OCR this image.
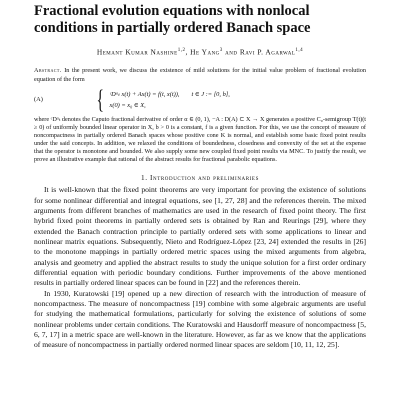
Fractional evolution equations with nonlocal conditions in partially ordered Banach space
Hemant Kumar Nashine$^{1,2}$, He Yang$^3$ and Ravi P. Agarwal$^{1,4}$
Abstract. In the present work, we discuss the existence of mild solutions for the initial value problem of fractional evolution equation of the form
(A)	{ ᶜDᵅₜ x(t) + Ax(t) = f(t, x(t)), t ∈ J := [0, b],
x(0) = x₀ ∈ X,
where ᶜDᵅₜ denotes the Caputo fractional derivative of order α ∈ (0, 1), −A : D(A) ⊂ X → X generates a positive C₀-semigroup T(t)(t ≥ 0) of uniformly bounded linear operator in X, b > 0 is a constant, f is a given function. For this, we use the concept of measure of noncompactness in partially ordered Banach spaces whose positive cone K is normal, and establish some basic fixed point results under the said concepts. In addition, we relaxed the conditions of boundedness, closedness and convexity of the set at the expense that the operator is monotone and bounded. We also supply some new coupled fixed point results via MNC. To justify the result, we prove an illustrative example that rational of the abstract results for fractional parabolic equations.
1. Introduction and preliminaries

It is well-known that the fixed point theorems are very important for proving the existence of solutions for some nonlinear differential and integral equations, see [1, 27, 28] and the references therein. The mixed arguments from different branches of mathematics are used in the research of fixed point theory. The first hybrid fixed point theorems in partially ordered sets is obtained by Ran and Reurings [29], where they extended the Banach contraction principle to partially ordered sets with some applications to linear and nonlinear matrix equations. Subsequently, Nieto and Rodríguez-López [23, 24] extended the results in [26] to the monotone mappings in partially ordered metric spaces using the mixed arguments from algebra, analysis and geometry and applied the abstract results to study the unique solution for a first order ordinary differential equation with periodic boundary conditions. Further improvements of the above mentioned results in partially ordered linear spaces can be found in [22] and the references therein.

In 1930, Kuratowski [19] opened up a new direction of research with the introduction of measure of noncompactness. The measure of noncompactness [19] combine with some algebraic arguments are useful for studying the mathematical formulations, particularly for solving the existence of solutions of some nonlinear problems under certain conditions. The Kuratowski and Hausdorff measure of noncompactness [5, 6, 7, 17] in a metric space are well-known in the literature. However, as far as we know that the applications of measure of noncompactness in partially ordered normed linear spaces are seldom [10, 11, 12, 25].
